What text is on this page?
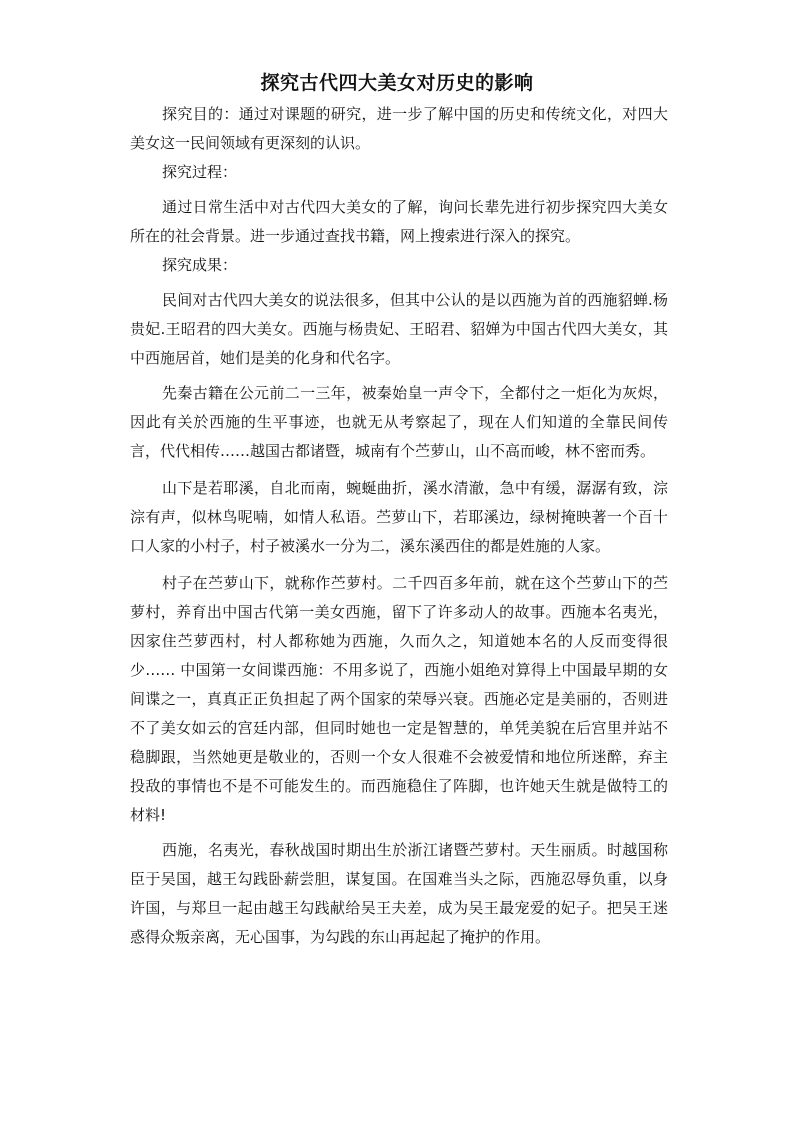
探究古代四大美女对历史的影响

探究目的：通过对课题的研究，进一步了解中国的历史和传统文化，对四大美女这一民间领域有更深刻的认识。

探究过程：

通过日常生活中对古代四大美女的了解，询问长辈先进行初步探究四大美女所在的社会背景。进一步通过查找书籍，网上搜索进行深入的探究。

探究成果：

民间对古代四大美女的说法很多，但其中公认的是以西施为首的西施貂蝉.杨贵妃.王昭君的四大美女。西施与杨贵妃、王昭君、貂婵为中国古代四大美女，其中西施居首，她们是美的化身和代名字。

先秦古籍在公元前二一三年，被秦始皇一声令下，全都付之一炬化为灰烬，因此有关於西施的生平事迹，也就无从考察起了，现在人们知道的全靠民间传言，代代相传……越国古都诸暨，城南有个苎萝山，山不高而峻，林不密而秀。

山下是若耶溪，自北而南，蜿蜒曲折，溪水清澈，急中有缓，潺潺有致，淙淙有声，似林鸟呢喃，如情人私语。苎萝山下，若耶溪边，绿树掩映著一个百十口人家的小村子，村子被溪水一分为二，溪东溪西住的都是姓施的人家。

村子在苎萝山下，就称作苎萝村。二千四百多年前，就在这个苎萝山下的苎萝村，养育出中国古代第一美女西施，留下了许多动人的故事。西施本名夷光，因家住苎萝西村，村人都称她为西施，久而久之，知道她本名的人反而变得很少…… 中国第一女间谍西施：不用多说了，西施小姐绝对算得上中国最早期的女间谍之一，真真正正负担起了两个国家的荣辱兴衰。西施必定是美丽的，否则进不了美女如云的宫廷内部，但同时她也一定是智慧的，单凭美貌在后宫里并站不稳脚跟，当然她更是敬业的，否则一个女人很难不会被爱情和地位所迷醉，弃主投敌的事情也不是不可能发生的。而西施稳住了阵脚，也许她天生就是做特工的材料!

西施，名夷光，春秋战国时期出生於浙江诸暨苎萝村。天生丽质。时越国称臣于吴国，越王勾践卧薪尝胆，谋复国。在国难当头之际，西施忍辱负重，以身许国，与郑旦一起由越王勾践献给吴王夫差，成为吴王最宠爱的妃子。把吴王迷惑得众叛亲离，无心国事，为勾践的东山再起起了掩护的作用。
